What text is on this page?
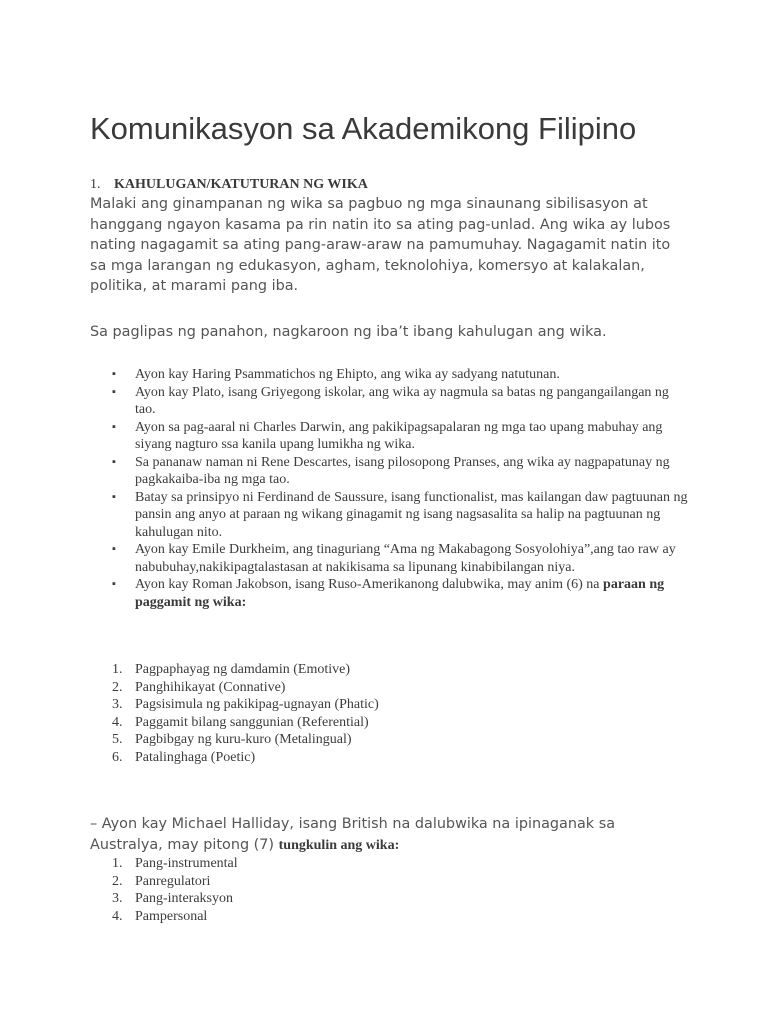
Komunikasyon sa Akademikong Filipino
1. KAHULUGAN/KATUTURAN NG WIKA

Malaki ang ginampanan ng wika sa pagbuo ng mga sinaunang sibilisasyon at hanggang ngayon kasama pa rin natin ito sa ating pag-unlad. Ang wika ay lubos nating nagagamit sa ating pang-araw-araw na pamumuhay. Nagagamit natin ito sa mga larangan ng edukasyon, agham, teknolohiya, komersyo at kalakalan, politika, at marami pang iba.

Sa paglipas ng panahon, nagkaroon ng iba’t ibang kahulugan ang wika.

▪ Ayon kay Haring Psammatichos ng Ehipto, ang wika ay sadyang natutunan.
▪ Ayon kay Plato, isang Griyegong iskolar, ang wika ay nagmula sa batas ng pangangailangan ng tao.
▪ Ayon sa pag-aaral ni Charles Darwin, ang pakikipagsapalaran ng mga tao upang mabuhay ang siyang nagturo ssa kanila upang lumikha ng wika.
▪ Sa pananaw naman ni Rene Descartes, isang pilosopong Pranses, ang wika ay nagpapatunay ng pagkakaiba-iba ng mga tao.
▪ Batay sa prinsipyo ni Ferdinand de Saussure, isang functionalist, mas kailangan daw pagtuunan ng pansin ang anyo at paraan ng wikang ginagamit ng isang nagsasalita sa halip na pagtuunan ng kahulugan nito.
▪ Ayon kay Emile Durkheim, ang tinaguriang “Ama ng Makabagong Sosyolohiya”,ang tao raw ay nabubuhay,nakikipagtalastasan at nakikisama sa lipunang kinabibilangan niya.
▪ Ayon kay Roman Jakobson, isang Ruso-Amerikanong dalubwika, may anim (6) na paraan ng paggamit ng wika:
1. Pagpaphayag ng damdamin (Emotive)
2. Panghihikayat (Connative)
3. Pagsisimula ng pakikipag-ugnayan (Phatic)
4. Paggamit bilang sanggunian (Referential)
5. Pagbibgay ng kuru-kuro (Metalingual)
6. Patalinghaga (Poetic)

– Ayon kay Michael Halliday, isang British na dalubwika na ipinaganak sa Australya, may pitong (7) tungkulin ang wika:

1. Pang-instrumental
2. Panregulatori
3. Pang-interaksyon
4. Pampersonal
